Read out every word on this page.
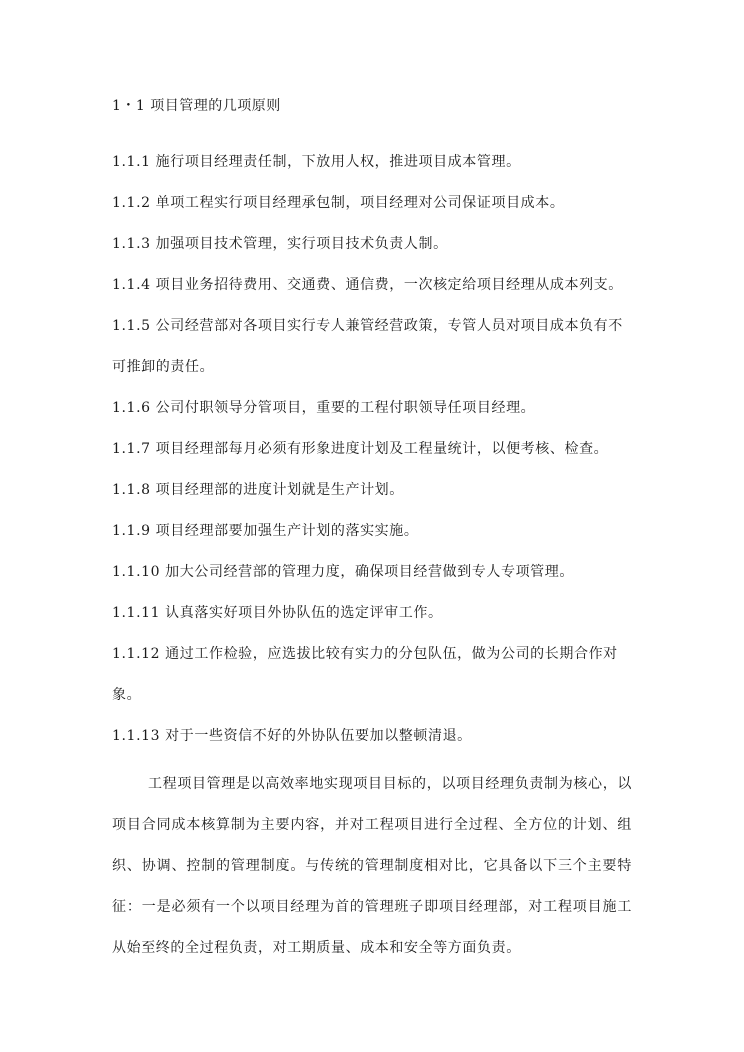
1・1 项目管理的几项原则
1.1.1 施行项目经理责任制，下放用人权，推进项目成本管理。
1.1.2 单项工程实行项目经理承包制，项目经理对公司保证项目成本。
1.1.3 加强项目技术管理，实行项目技术负责人制。
1.1.4 项目业务招待费用、交通费、通信费，一次核定给项目经理从成本列支。
1.1.5 公司经营部对各项目实行专人兼管经营政策，专管人员对项目成本负有不
可推卸的责任。
1.1.6 公司付职领导分管项目，重要的工程付职领导任项目经理。
1.1.7 项目经理部每月必须有形象进度计划及工程量统计，以便考核、检查。
1.1.8 项目经理部的进度计划就是生产计划。
1.1.9 项目经理部要加强生产计划的落实实施。
1.1.10 加大公司经营部的管理力度，确保项目经营做到专人专项管理。
1.1.11 认真落实好项目外协队伍的选定评审工作。
1.1.12 通过工作检验，应选拔比较有实力的分包队伍，做为公司的长期合作对
象。
1.1.13 对于一些资信不好的外协队伍要加以整顿清退。

工程项目管理是以高效率地实现项目目标的，以项目经理负责制为核心，以项目合同成本核算制为主要内容，并对工程项目进行全过程、全方位的计划、组织、协调、控制的管理制度。与传统的管理制度相对比，它具备以下三个主要特征：一是必须有一个以项目经理为首的管理班子即项目经理部，对工程项目施工从始至终的全过程负责，对工期质量、成本和安全等方面负责。
